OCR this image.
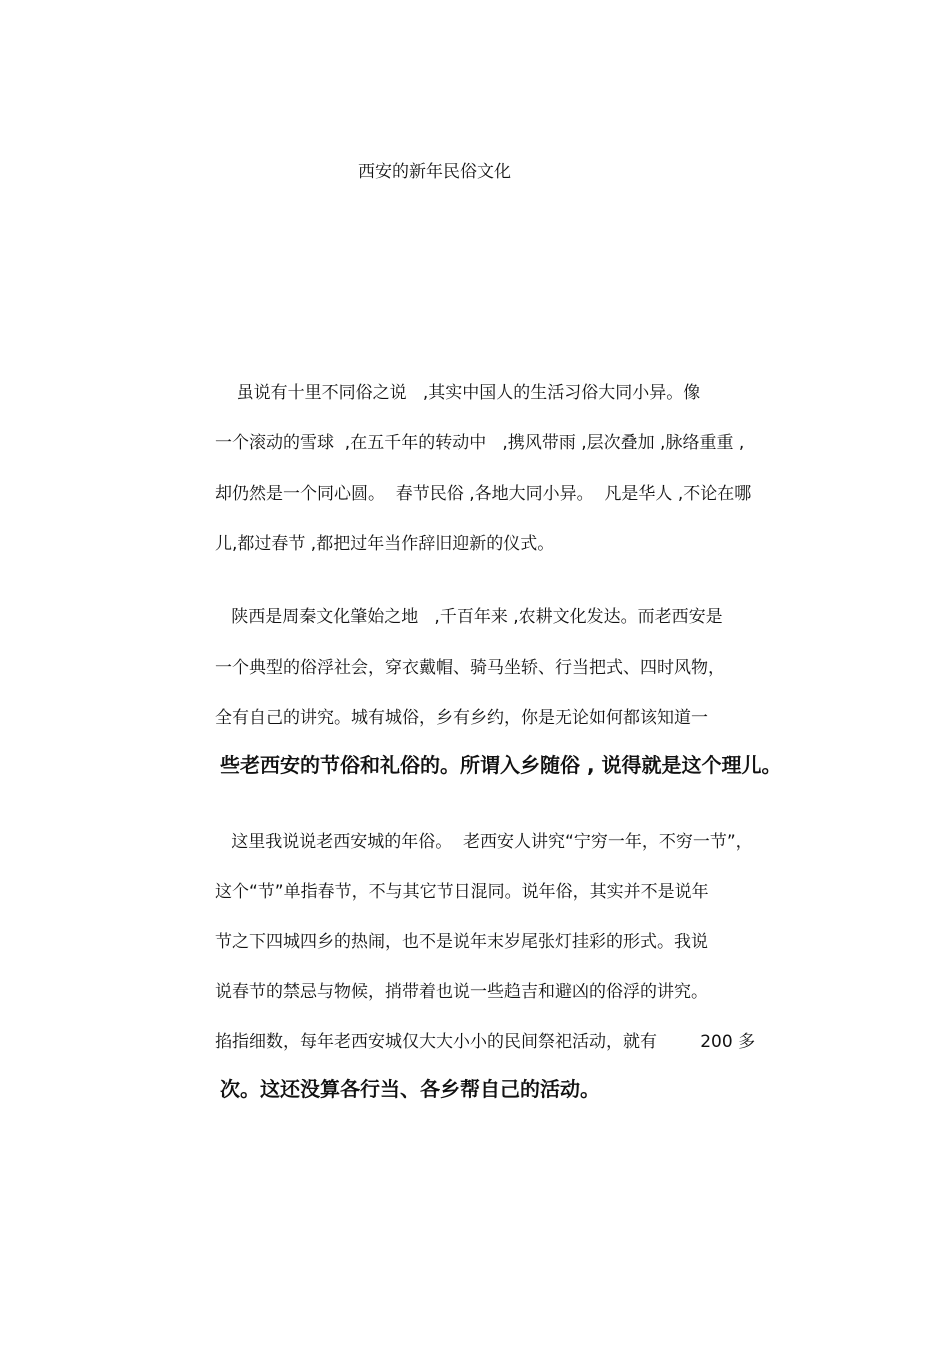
西安的新年民俗文化
虽说有十里不同俗之说   ,其实中国人的生活习俗大同小异。像
一个滚动的雪球  ,在五千年的转动中   ,携风带雨 ,层次叠加 ,脉络重重 ,
却仍然是一个同心圆。  春节民俗 ,各地大同小异。  凡是华人 ,不论在哪
儿,都过春节 ,都把过年当作辞旧迎新的仪式。
陕西是周秦文化肇始之地   ,千百年来 ,农耕文化发达。而老西安是
一个典型的俗浮社会，穿衣戴帽、骑马坐轿、行当把式、四时风物，
全有自己的讲究。城有城俗，乡有乡约，你是无论如何都该知道一
些老西安的节俗和礼俗的。所谓入乡随俗 , 说得就是这个理儿。
这里我说说老西安城的年俗。  老西安人讲究“宁穷一年，不穷一节”，
这个“节”单指春节，不与其它节日混同。说年俗，其实并不是说年
节之下四城四乡的热闹，也不是说年末岁尾张灯挂彩的形式。我说
说春节的禁忌与物候，捎带着也说一些趋吉和避凶的俗浮的讲究。
掐指细数，每年老西安城仅大大小小的民间祭祀活动，就有        200 多
次。这还没算各行当、各乡帮自己的活动。
